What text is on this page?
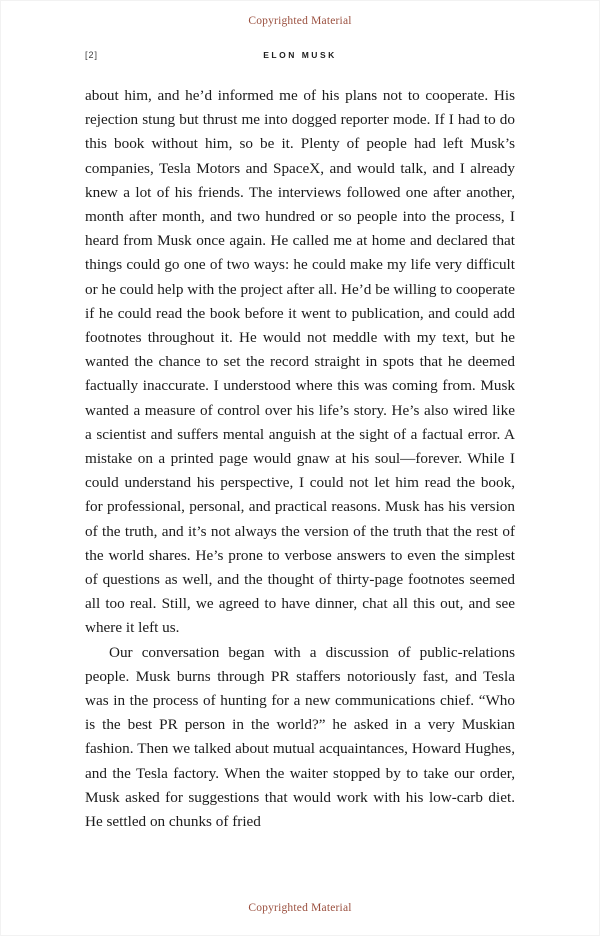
Copyrighted Material
[2]	ELON MUSK

about him, and he’d informed me of his plans not to cooperate. His rejection stung but thrust me into dogged reporter mode. If I had to do this book without him, so be it. Plenty of people had left Musk’s companies, Tesla Motors and SpaceX, and would talk, and I already knew a lot of his friends. The interviews followed one after another, month after month, and two hundred or so people into the process, I heard from Musk once again. He called me at home and declared that things could go one of two ways: he could make my life very difficult or he could help with the project after all. He’d be willing to cooperate if he could read the book before it went to publication, and could add footnotes throughout it. He would not meddle with my text, but he wanted the chance to set the record straight in spots that he deemed factually inaccurate. I understood where this was coming from. Musk wanted a measure of control over his life’s story. He’s also wired like a scientist and suffers mental anguish at the sight of a factual error. A mistake on a printed page would gnaw at his soul—forever. While I could understand his perspective, I could not let him read the book, for professional, personal, and practical reasons. Musk has his version of the truth, and it’s not always the version of the truth that the rest of the world shares. He’s prone to verbose answers to even the simplest of questions as well, and the thought of thirty-page footnotes seemed all too real. Still, we agreed to have dinner, chat all this out, and see where it left us.

Our conversation began with a discussion of public-relations people. Musk burns through PR staffers notoriously fast, and Tesla was in the process of hunting for a new communications chief. “Who is the best PR person in the world?” he asked in a very Muskian fashion. Then we talked about mutual acquaintances, Howard Hughes, and the Tesla factory. When the waiter stopped by to take our order, Musk asked for suggestions that would work with his low-carb diet. He settled on chunks of fried

Copyrighted Material
